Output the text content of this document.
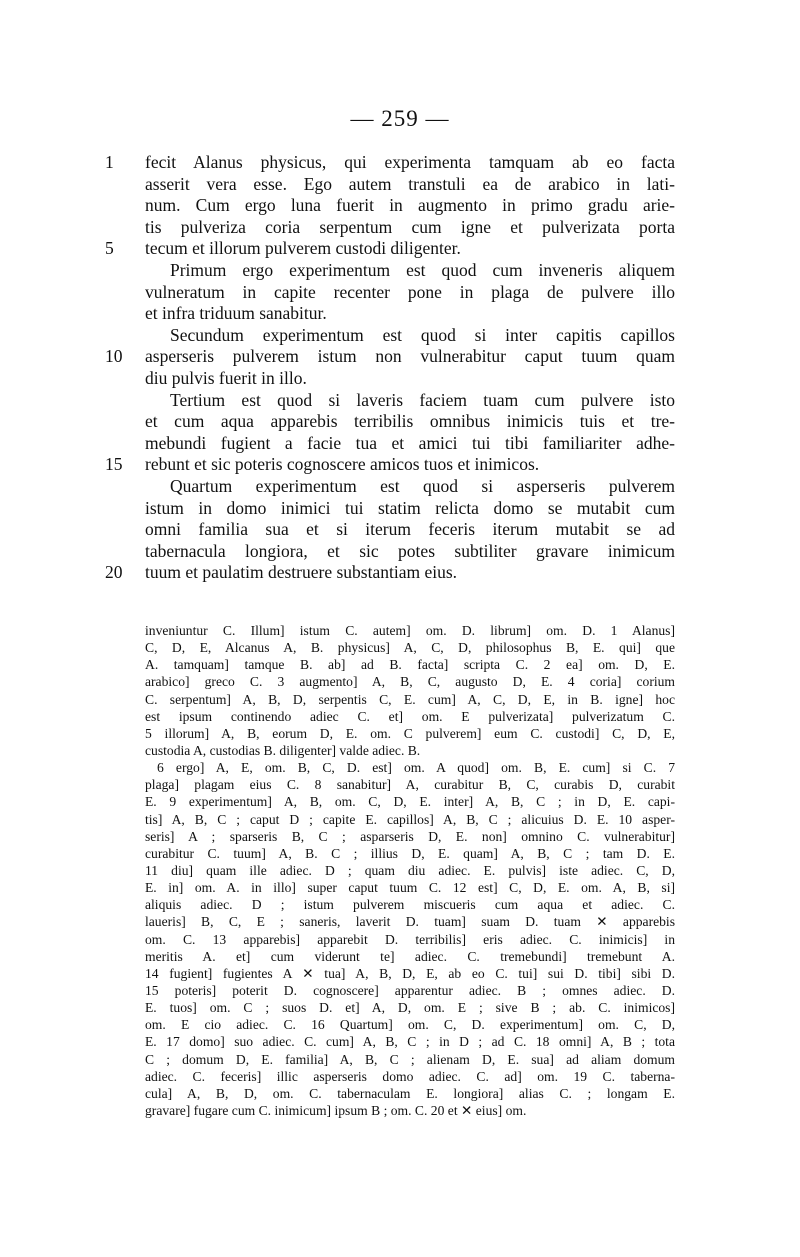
— 259 —
1	fecit Alanus physicus, qui experimenta tamquam ab eo facta
asserit vera esse. Ego autem transtuli ea de arabico in lati-
num. Cum ergo luna fuerit in augmento in primo gradu arie-
tis pulveriza coria serpentum cum igne et pulverizata porta
5	tecum et illorum pulverem custodi diligenter.
Primum ergo experimentum est quod cum inveneris aliquem
vulneratum in capite recenter pone in plaga de pulvere illo
et infra triduum sanabitur.
Secundum experimentum est quod si inter capitis capillos
10	asperseris pulverem istum non vulnerabitur caput tuum quam
diu pulvis fuerit in illo.
Tertium est quod si laveris faciem tuam cum pulvere isto
et cum aqua apparebis terribilis omnibus inimicis tuis et tre-
mebundi fugient a facie tua et amici tui tibi familiariter adhe-
15	rebunt et sic poteris cognoscere amicos tuos et inimicos.
Quartum experimentum est quod si asperseris pulverem
istum in domo inimici tui statim relicta domo se mutabit cum
omni familia sua et si iterum feceris iterum mutabit se ad
tabernacula longiora, et sic potes subtiliter gravare inimicum
20	tuum et paulatim destruere substantiam eius.
inveniuntur C. Illum] istum C. autem] om. D. librum] om. D. 1 Alanus]
C, D, E, Alcanus A, B. physicus] A, C, D, philosophus B, E. qui] que
A. tamquam] tamque B. ab] ad B. facta] scripta C. 2 ea] om. D, E.
arabico] greco C. 3 augmento] A, B, C, augusto D, E. 4 coria] corium
C. serpentum] A, B, D, serpentis C, E. cum] A, C, D, E, in B. igne] hoc
est ipsum continendo adiec C. et] om. E pulverizata] pulverizatum C.
5 illorum] A, B, eorum D, E. om. C pulverem] eum C. custodi] C, D, E,
custodia A, custodias B. diligenter] valde adiec. B.
6 ergo] A, E, om. B, C, D. est] om. A quod] om. B, E. cum] si C. 7
plaga] plagam eius C. 8 sanabitur] A, curabitur B, C, curabis D, curabit
E. 9 experimentum] A, B, om. C, D, E. inter] A, B, C ; in D, E. capi-
tis] A, B, C ; caput D ; capite E. capillos] A, B, C ; alicuius D. E. 10 asper-
seris] A ; sparseris B, C ; asparseris D, E. non] omnino C. vulnerabitur]
curabitur C. tuum] A, B. C ; illius D, E. quam] A, B, C ; tam D. E.
11 diu] quam ille adiec. D ; quam diu adiec. E. pulvis] iste adiec. C, D,
E. in] om. A. in illo] super caput tuum C. 12 est] C, D, E. om. A, B, si]
aliquis adiec. D ; istum pulverem miscueris cum aqua et adiec. C.
laueris] B, C, E ; saneris, laverit D. tuam] suam D. tuam ✕ apparebis
om. C. 13 apparebis] apparebit D. terribilis] eris adiec. C. inimicis] in
meritis A. et] cum viderunt te] adiec. C. tremebundi] tremebunt A.
14 fugient] fugientes A ✕ tua] A, B, D, E, ab eo C. tui] sui D. tibi] sibi D.
15 poteris] poterit D. cognoscere] apparentur adiec. B ; omnes adiec. D.
E. tuos] om. C ; suos D. et] A, D, om. E ; sive B ; ab. C. inimicos]
om. E cio adiec. C. 16 Quartum] om. C, D. experimentum] om. C, D,
E. 17 domo] suo adiec. C. cum] A, B, C ; in D ; ad C. 18 omni] A, B ; tota
C ; domum D, E. familia] A, B, C ; alienam D, E. sua] ad aliam domum
adiec. C. feceris] illic asperseris domo adiec. C. ad] om. 19 C. taberna-
cula] A, B, D, om. C. tabernaculam E. longiora] alias C. ; longam E.
gravare] fugare cum C. inimicum] ipsum B ; om. C. 20 et ✕ eius] om.
